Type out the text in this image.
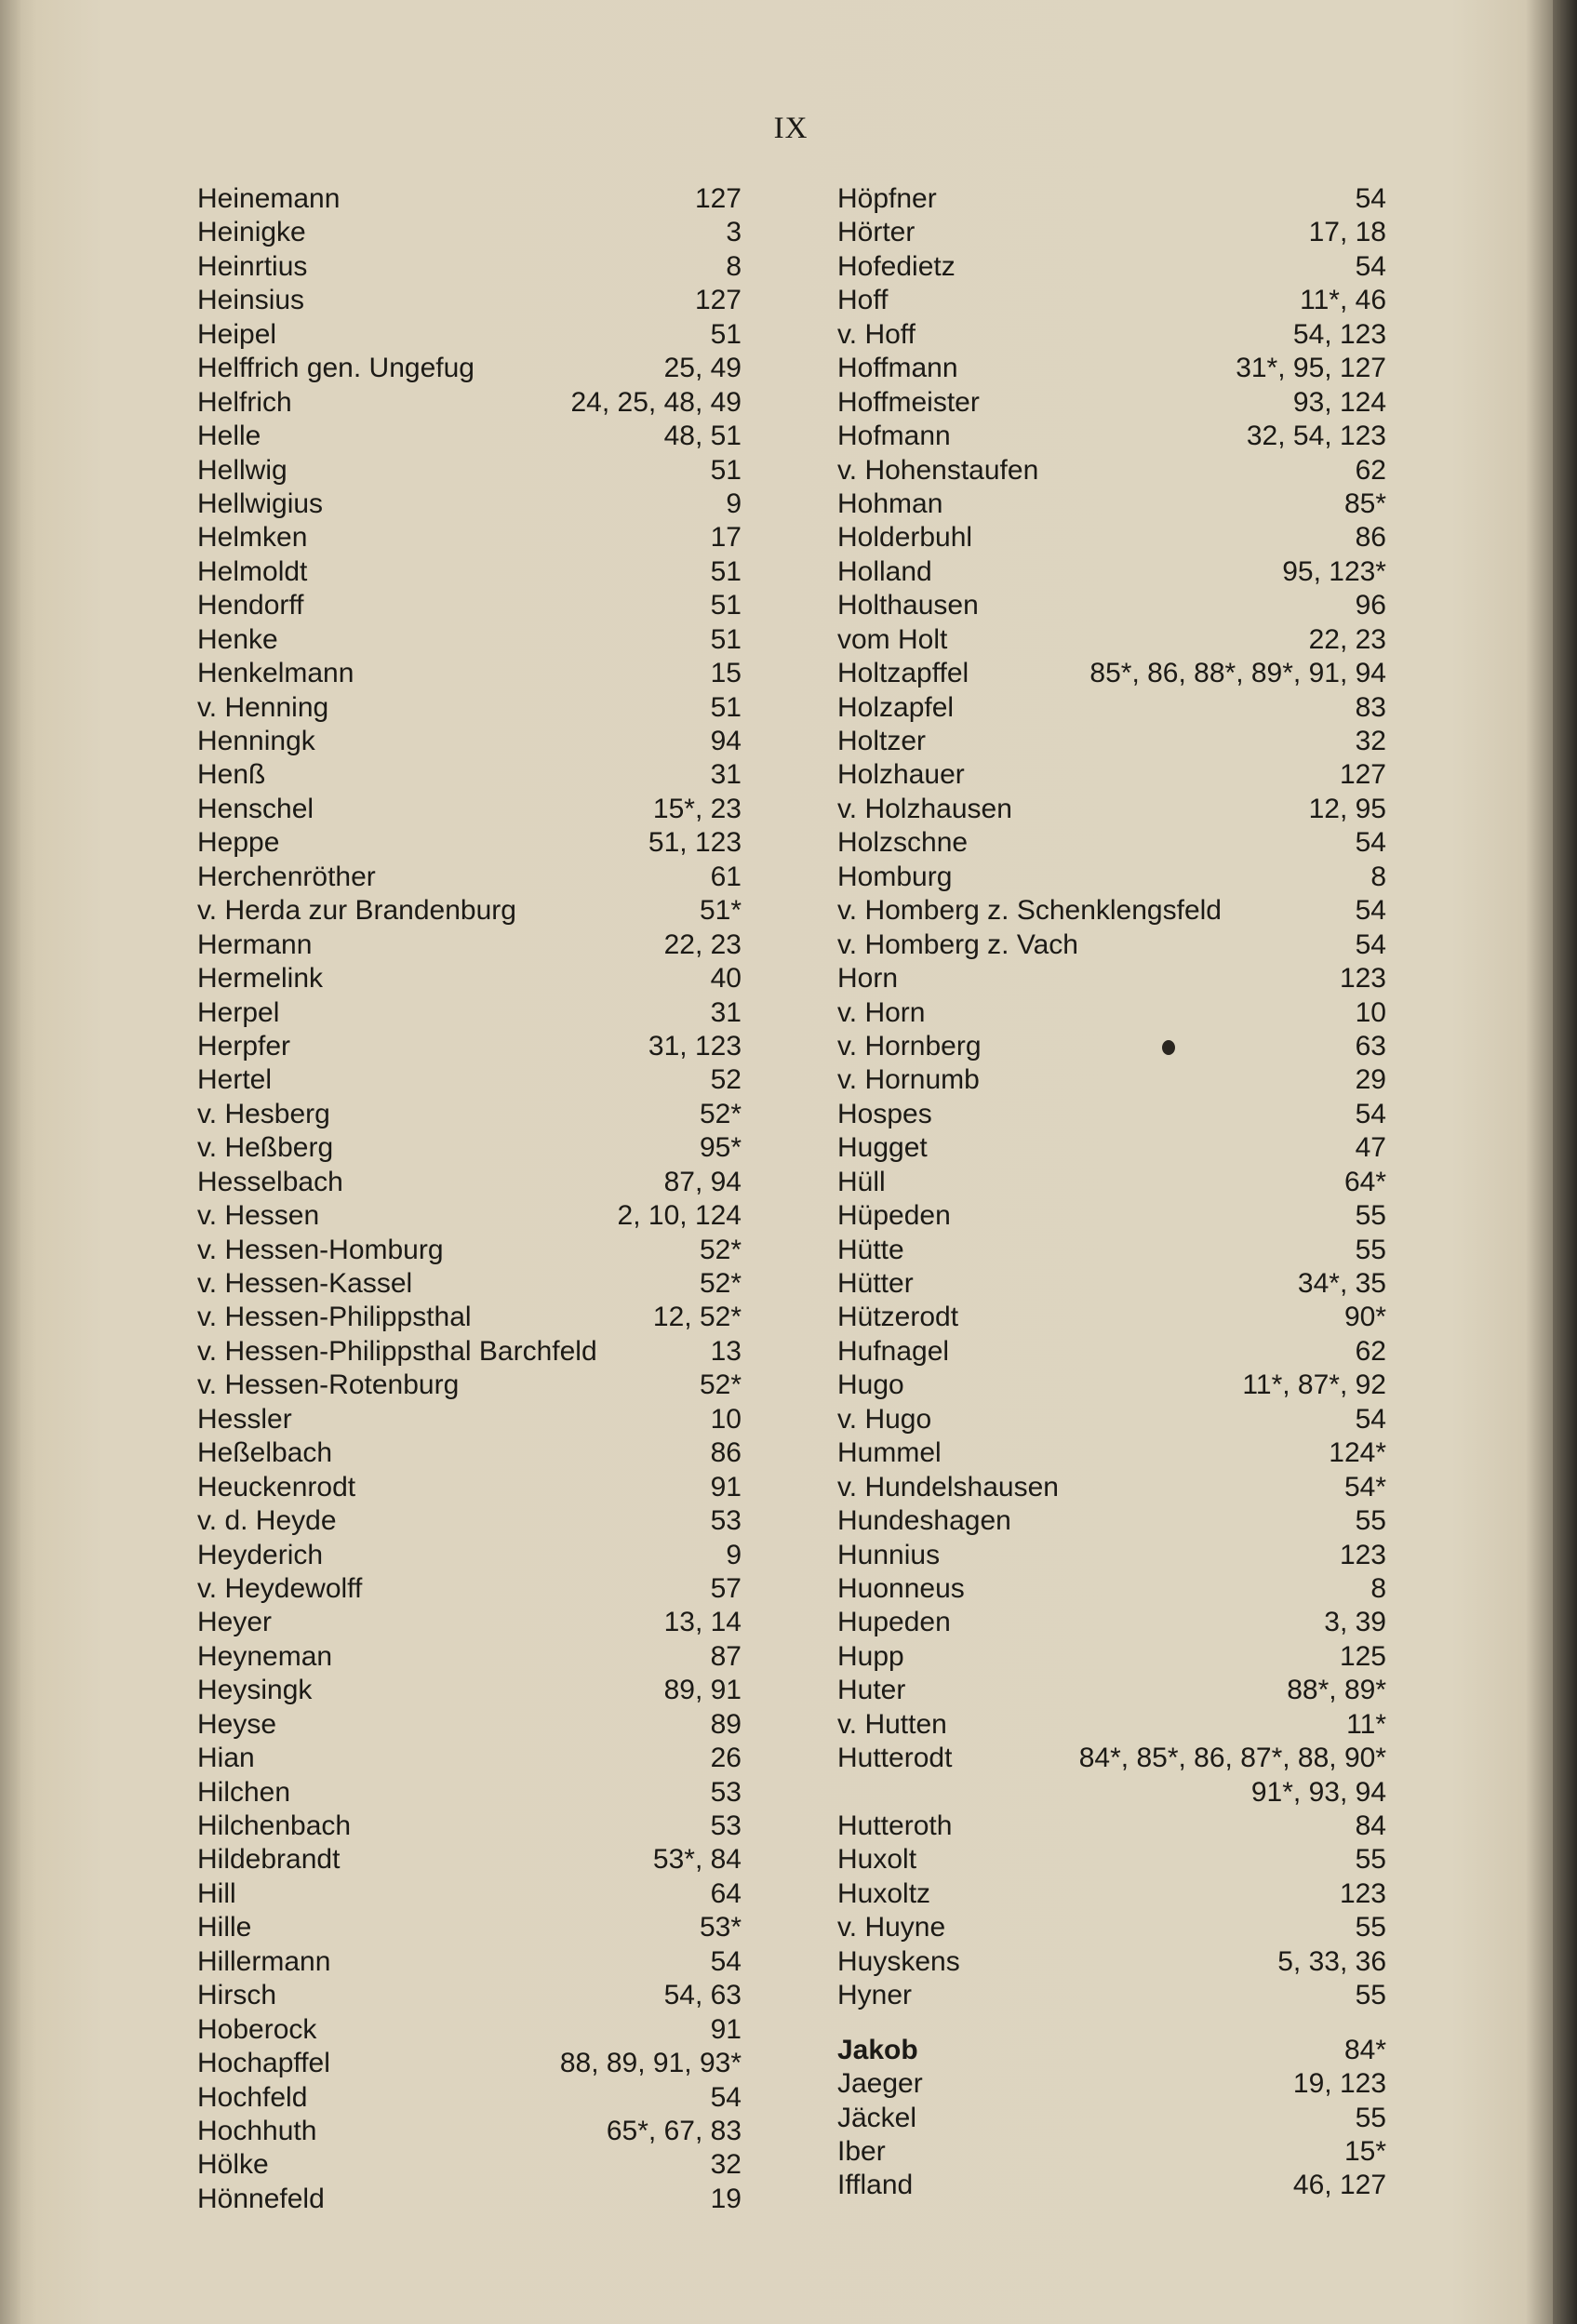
IX
Heinemann	127
Heinigke	3
Heinrtius	8
Heinsius	127
Heipel	51
Helffrich gen. Ungefug	25, 49
Helfrich	24, 25, 48, 49
Helle	48, 51
Hellwig	51
Hellwigius	9
Helmken	17
Helmoldt	51
Hendorff	51
Henke	51
Henkelmann	15
v. Henning	51
Henningk	94
Henß	31
Henschel	15*, 23
Heppe	51, 123
Herchenröther	61
v. Herda zur Brandenburg	51*
Hermann	22, 23
Hermelink	40
Herpel	31
Herpfer	31, 123
Hertel	52
v. Hesberg	52*
v. Heßberg	95*
Hesselbach	87, 94
v. Hessen	2, 10, 124
v. Hessen-Homburg	52*
v. Hessen-Kassel	52*
v. Hessen-Philippsthal	12, 52*
v. Hessen-Philippsthal Barchfeld	13
v. Hessen-Rotenburg	52*
Hessler	10
Heßelbach	86
Heuckenrodt	91
v. d. Heyde	53
Heyderich	9
v. Heydewolff	57
Heyer	13, 14
Heyneman	87
Heysingk	89, 91
Heyse	89
Hian	26
Hilchen	53
Hilchenbach	53
Hildebrandt	53*, 84
Hill	64
Hille	53*
Hillermann	54
Hirsch	54, 63
Hoberock	91
Hochapffel	88, 89, 91, 93*
Hochfeld	54
Hochhuth	65*, 67, 83
Hölke	32
Hönnefeld	19
Höpfner	54
Hörter	17, 18
Hofedietz	54
Hoff	11*, 46
v. Hoff	54, 123
Hoffmann	31*, 95, 127
Hoffmeister	93, 124
Hofmann	32, 54, 123
v. Hohenstaufen	62
Hohman	85*
Holderbuhl	86
Holland	95, 123*
Holthausen	96
vom Holt	22, 23
Holtzapffel	85*, 86, 88*, 89*, 91, 94
Holzapfel	83
Holtzer	32
Holzhauer	127
v. Holzhausen	12, 95
Holzschne	54
Homburg	8
v. Homberg z. Schenklengsfeld	54
v. Homberg z. Vach	54
Horn	123
v. Horn	10
v. Hornberg	63
v. Hornumb	29
Hospes	54
Hugget	47
Hüll	64*
Hüpeden	55
Hütte	55
Hütter	34*, 35
Hützerodt	90*
Hufnagel	62
Hugo	11*, 87*, 92
v. Hugo	54
Hummel	124*
v. Hundelshausen	54*
Hundeshagen	55
Hunnius	123
Huonneus	8
Hupeden	3, 39
Hupp	125
Huter	88*, 89*
v. Hutten	11*
Hutterodt	84*, 85*, 86, 87*, 88, 90*
91*, 93, 94
Hutteroth	84
Huxolt	55
Huxoltz	123
v. Huyne	55
Huyskens	5, 33, 36
Hyner	55
Jakob	84*
Jaeger	19, 123
Jäckel	55
Iber	15*
Iffland	46, 127
